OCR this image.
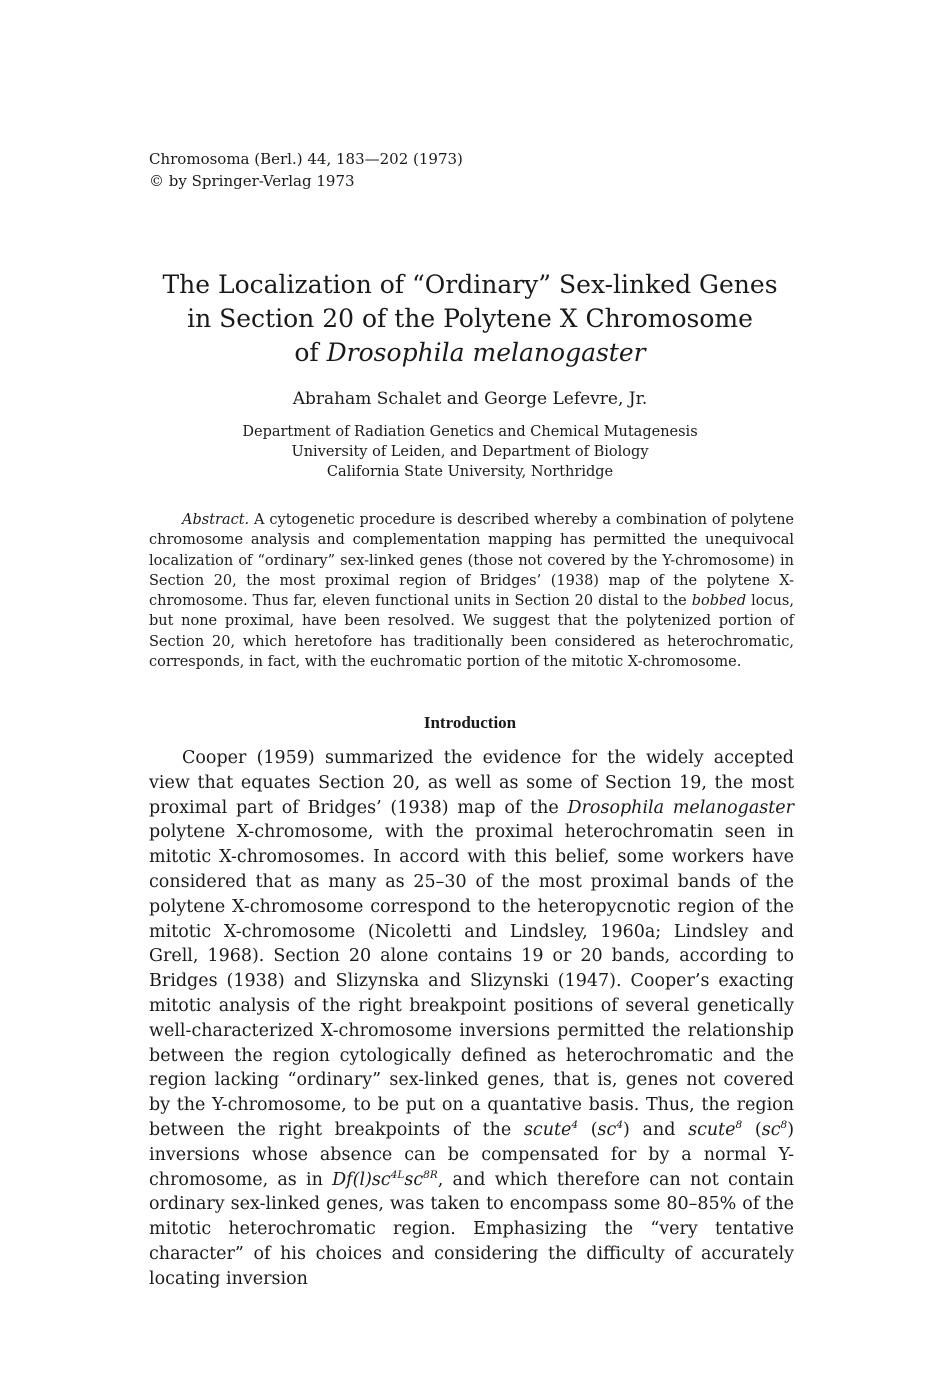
Chromosoma (Berl.) 44, 183—202 (1973)
© by Springer-Verlag 1973
The Localization of “Ordinary” Sex-linked Genes
in Section 20 of the Polytene X Chromosome
of Drosophila melanogaster
Abraham Schalet and George Lefevre, Jr.
Department of Radiation Genetics and Chemical Mutagenesis
University of Leiden, and Department of Biology
California State University, Northridge
Abstract. A cytogenetic procedure is described whereby a combination of polytene chromosome analysis and complementation mapping has permitted the unequivocal localization of “ordinary” sex-linked genes (those not covered by the Y-chromosome) in Section 20, the most proximal region of Bridges’ (1938) map of the polytene X-chromosome. Thus far, eleven functional units in Section 20 distal to the bobbed locus, but none proximal, have been resolved. We suggest that the polytenized portion of Section 20, which heretofore has traditionally been considered as heterochromatic, corresponds, in fact, with the euchromatic portion of the mitotic X-chromosome.
Introduction
Cooper (1959) summarized the evidence for the widely accepted view that equates Section 20, as well as some of Section 19, the most proximal part of Bridges’ (1938) map of the Drosophila melanogaster polytene X-chromosome, with the proximal heterochromatin seen in mitotic X-chromosomes. In accord with this belief, some workers have considered that as many as 25–30 of the most proximal bands of the polytene X-chromosome correspond to the heteropycnotic region of the mitotic X-chromosome (Nicoletti and Lindsley, 1960a; Lindsley and Grell, 1968). Section 20 alone contains 19 or 20 bands, according to Bridges (1938) and Slizynska and Slizynski (1947). Cooper’s exacting mitotic analysis of the right breakpoint positions of several genetically well-characterized X-chromosome inversions permitted the relationship between the region cytologically defined as heterochromatic and the region lacking “ordinary” sex-linked genes, that is, genes not covered by the Y-chromosome, to be put on a quantative basis. Thus, the region between the right breakpoints of the scute$^4$ $(sc^4)$ and scute$^8$ $(sc^8)$ inversions whose absence can be compensated for by a normal Y-chromosome, as in $Df(l)sc^{4L}sc^{8R}$, and which therefore can not contain ordinary sex-linked genes, was taken to encompass some 80–85% of the mitotic heterochromatic region. Emphasizing the “very tentative character” of his choices and considering the difficulty of accurately locating inversion
